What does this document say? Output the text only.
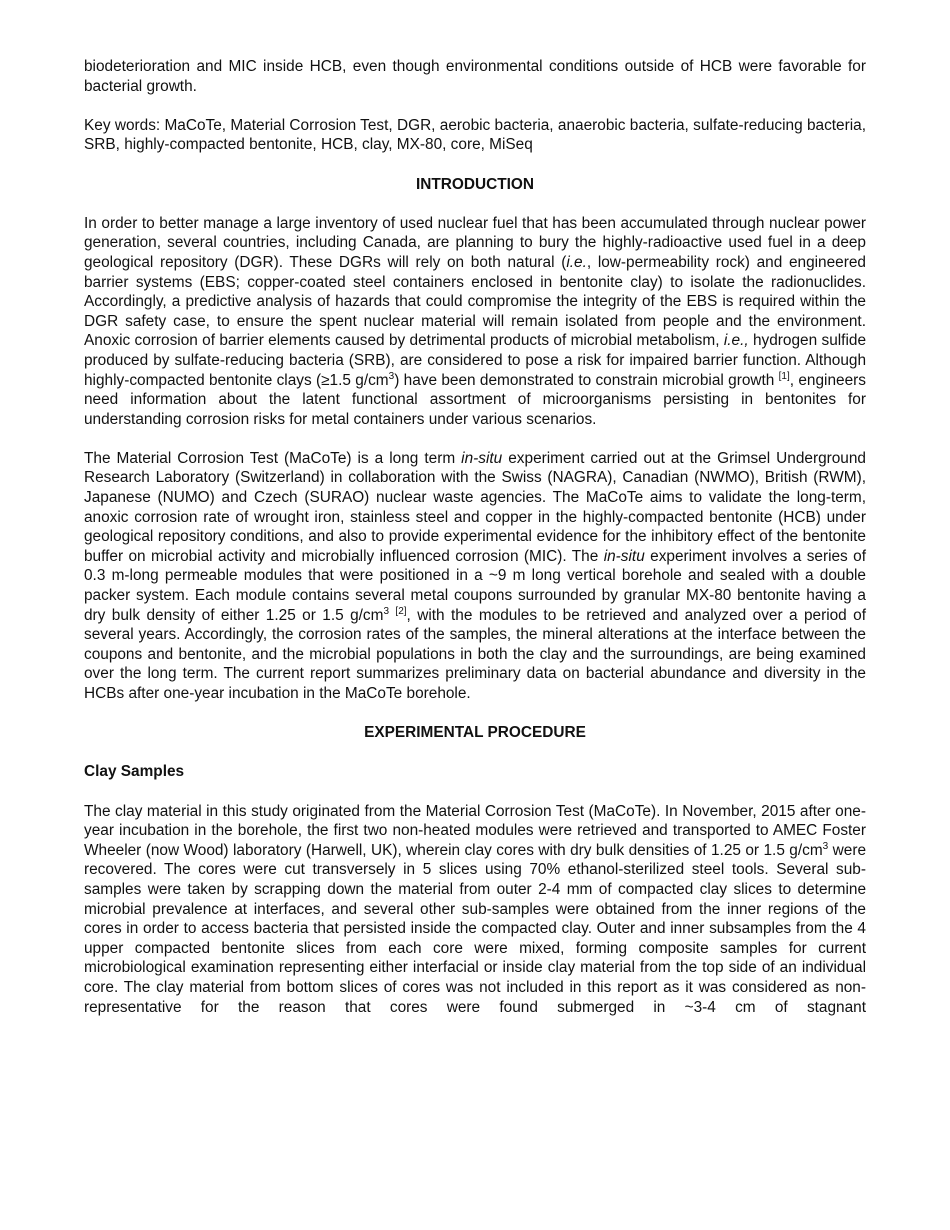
biodeterioration and MIC inside HCB, even though environmental conditions outside of HCB were favorable for bacterial growth.

Key words: MaCoTe, Material Corrosion Test, DGR, aerobic bacteria, anaerobic bacteria, sulfate-reducing bacteria, SRB, highly-compacted bentonite, HCB, clay, MX-80, core, MiSeq

INTRODUCTION

In order to better manage a large inventory of used nuclear fuel that has been accumulated through nuclear power generation, several countries, including Canada, are planning to bury the highly-radioactive used fuel in a deep geological repository (DGR). These DGRs will rely on both natural (i.e., low-permeability rock) and engineered barrier systems (EBS; copper-coated steel containers enclosed in bentonite clay) to isolate the radionuclides. Accordingly, a predictive analysis of hazards that could compromise the integrity of the EBS is required within the DGR safety case, to ensure the spent nuclear material will remain isolated from people and the environment. Anoxic corrosion of barrier elements caused by detrimental products of microbial metabolism, i.e., hydrogen sulfide produced by sulfate-reducing bacteria (SRB), are considered to pose a risk for impaired barrier function. Although highly-compacted bentonite clays (≥1.5 $g/cm^3$) have been demonstrated to constrain microbial growth [1], engineers need information about the latent functional assortment of microorganisms persisting in bentonites for understanding corrosion risks for metal containers under various scenarios.

The Material Corrosion Test (MaCoTe) is a long term in-situ experiment carried out at the Grimsel Underground Research Laboratory (Switzerland) in collaboration with the Swiss (NAGRA), Canadian (NWMO), British (RWM), Japanese (NUMO) and Czech (SURAO) nuclear waste agencies. The MaCoTe aims to validate the long-term, anoxic corrosion rate of wrought iron, stainless steel and copper in the highly-compacted bentonite (HCB) under geological repository conditions, and also to provide experimental evidence for the inhibitory effect of the bentonite buffer on microbial activity and microbially influenced corrosion (MIC). The in-situ experiment involves a series of 0.3 m-long permeable modules that were positioned in a ~9 m long vertical borehole and sealed with a double packer system. Each module contains several metal coupons surrounded by granular MX-80 bentonite having a dry bulk density of either 1.25 or 1.5 $g/cm^3$ [2], with the modules to be retrieved and analyzed over a period of several years. Accordingly, the corrosion rates of the samples, the mineral alterations at the interface between the coupons and bentonite, and the microbial populations in both the clay and the surroundings, are being examined over the long term. The current report summarizes preliminary data on bacterial abundance and diversity in the HCBs after one-year incubation in the MaCoTe borehole.

EXPERIMENTAL PROCEDURE
Clay Samples

The clay material in this study originated from the Material Corrosion Test (MaCoTe). In November, 2015 after one-year incubation in the borehole, the first two non-heated modules were retrieved and transported to AMEC Foster Wheeler (now Wood) laboratory (Harwell, UK), wherein clay cores with dry bulk densities of 1.25 or 1.5 $g/cm^3$ were recovered. The cores were cut transversely in 5 slices using 70% ethanol-sterilized steel tools. Several sub-samples were taken by scrapping down the material from outer 2-4 mm of compacted clay slices to determine microbial prevalence at interfaces, and several other sub-samples were obtained from the inner regions of the cores in order to access bacteria that persisted inside the compacted clay. Outer and inner subsamples from the 4 upper compacted bentonite slices from each core were mixed, forming composite samples for current microbiological examination representing either interfacial or inside clay material from the top side of an individual core. The clay material from bottom slices of cores was not included in this report as it was considered as non-representative for the reason that cores were found submerged in ~3-4 cm of stagnant
